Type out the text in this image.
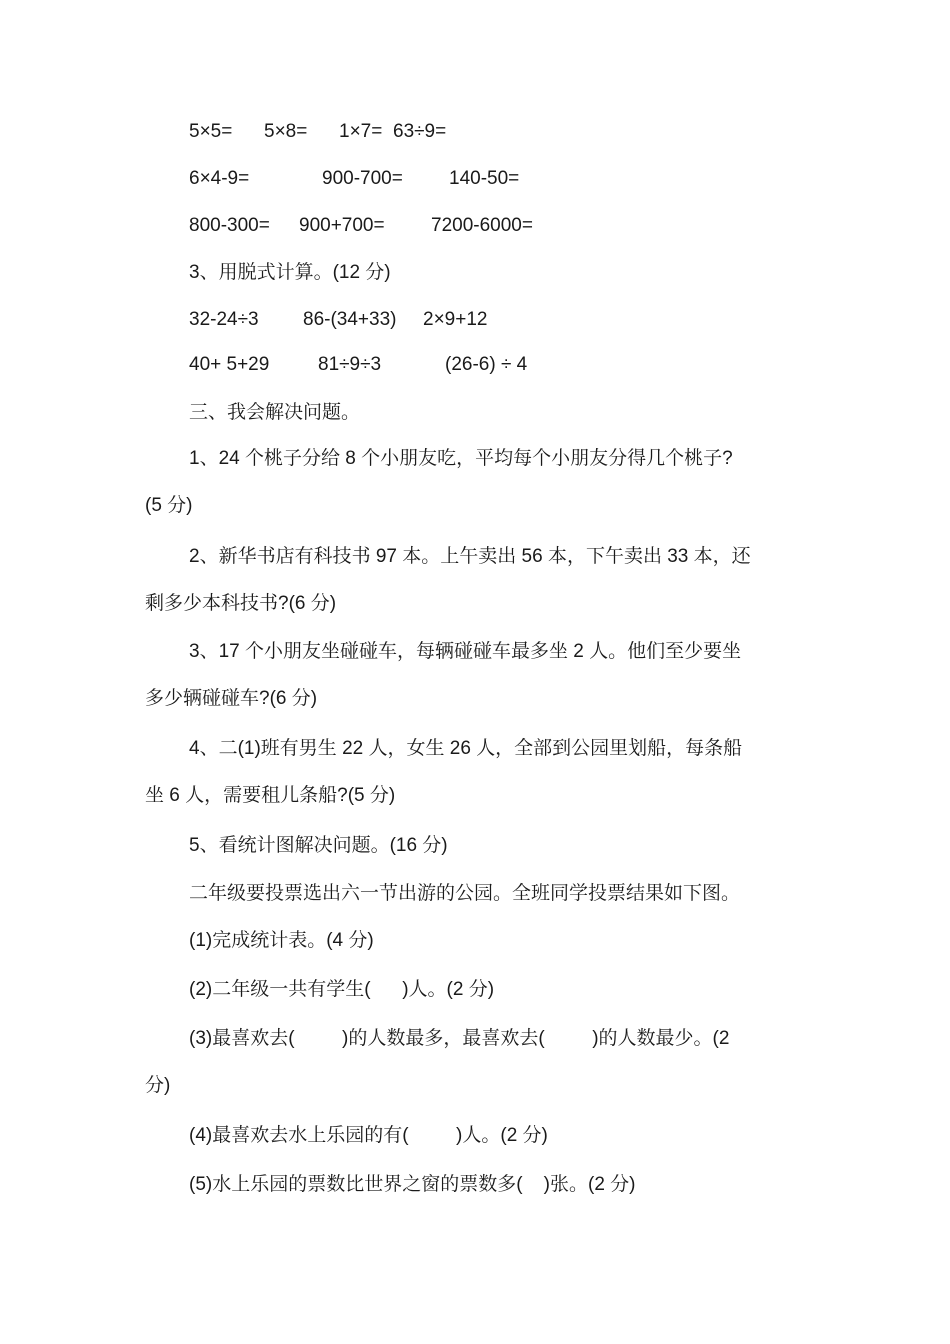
5×5= 5×8= 1×7= 63÷9=
6×4-9=	900-700= 140-50=
800-300= 900+700= 7200-6000=
3、用脱式计算。(12 分)
32-24÷3 86-(34+33) 2×9+12
40+ 5+29	81÷9÷3	(26-6) ÷ 4
三、我会解决问题。
1、24 个桃子分给 8 个小朋友吃，平均每个小朋友分得几个桃子?
(5 分)
2、新华书店有科技书 97 本。上午卖出 56 本，下午卖出 33 本，还
剩多少本科技书?(6 分)
3、17 个小朋友坐碰碰车，每辆碰碰车最多坐 2 人。他们至少要坐
多少辆碰碰车?(6 分)
4、二(1)班有男生 22 人，女生 26 人，全部到公园里划船，每条船
坐 6 人，需要租儿条船?(5 分)
5、看统计图解决问题。(16 分)
二年级要投票选出六一节出游的公园。全班同学投票结果如下图。
(1)完成统计表。(4 分)
(2)二年级一共有学生(      )人。(2 分)
(3)最喜欢去(         )的人数最多，最喜欢去(         )的人数最少。(2
分)
(4)最喜欢去水上乐园的有(         )人。(2 分)
(5)水上乐园的票数比世界之窗的票数多(    )张。(2 分)
